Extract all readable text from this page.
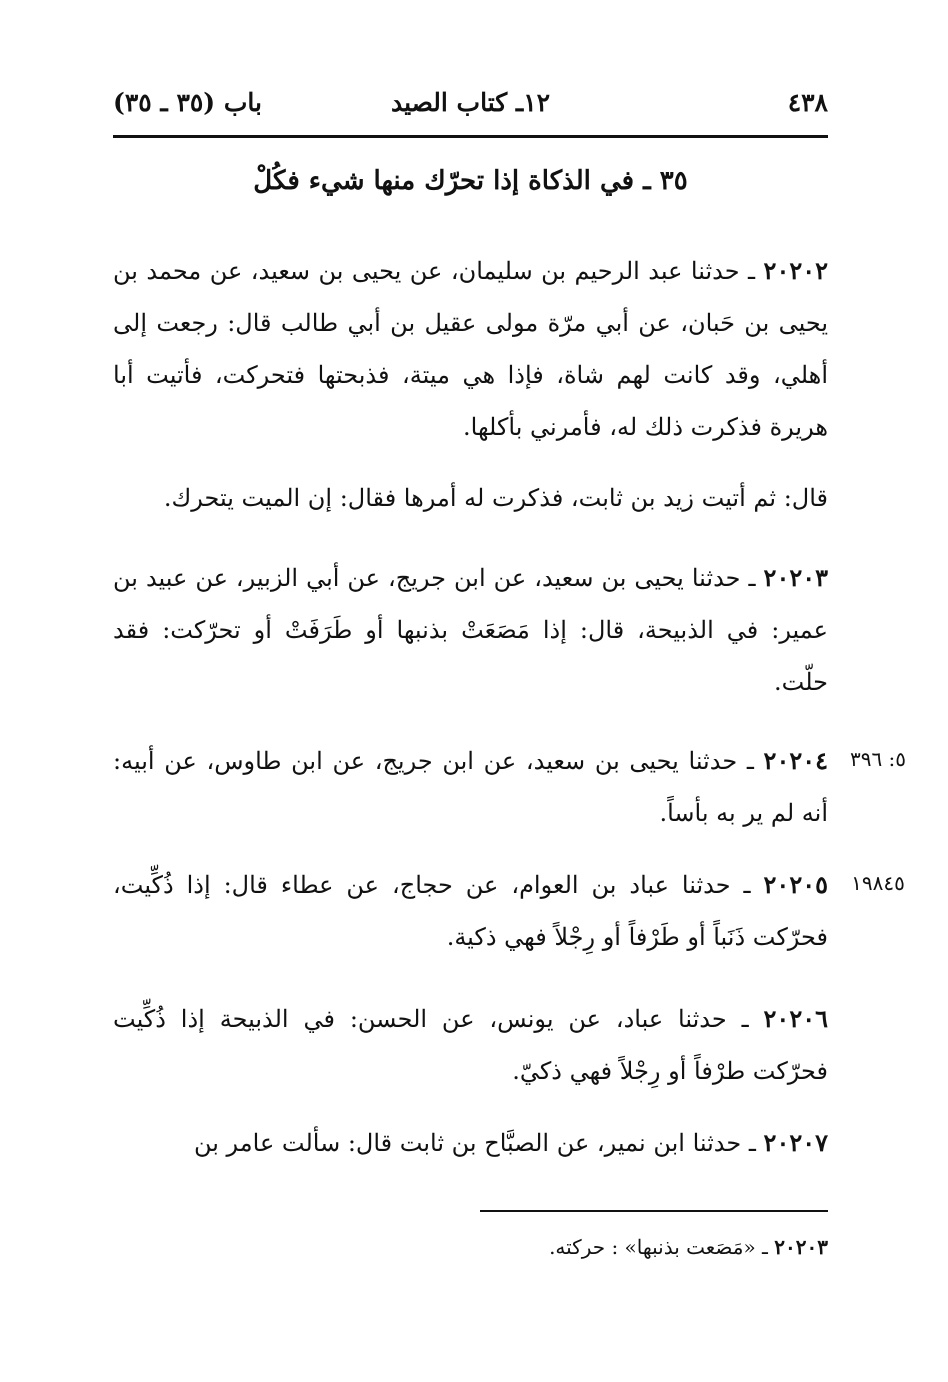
٤٣٨
١٢ـ كتاب الصيد
باب (٣٥ ـ ٣٥)
٣٥ ـ في الذكاة إذا تحرّك منها شيء فكُلْ
٢٠٢٠٢ ـ حدثنا عبد الرحيم بن سليمان، عن يحيى بن سعيد، عن محمد بن يحيى بن حَبان، عن أبي مرّة مولى عقيل بن أبي طالب قال: رجعت إلى أهلي، وقد كانت لهم شاة، فإذا هي ميتة، فذبحتها فتحركت، فأتيت أبا هريرة فذكرت ذلك له، فأمرني بأكلها.
قال: ثم أتيت زيد بن ثابت، فذكرت له أمرها فقال: إن الميت يتحرك.
٢٠٢٠٣ ـ حدثنا يحيى بن سعيد، عن ابن جريج، عن أبي الزبير، عن عبيد بن عمير: في الذبيحة، قال: إذا مَصَعَتْ بذنبها أو طَرَفَتْ أو تحرّكت: فقد حلّت.
٥: ٣٩٦
٢٠٢٠٤ ـ حدثنا يحيى بن سعيد، عن ابن جريج، عن ابن طاوس، عن أبيه: أنه لم ير به بأساً.
١٩٨٤٥
٢٠٢٠٥ ـ حدثنا عباد بن العوام، عن حجاج، عن عطاء قال: إذا ذُكِّيت، فحرّكت ذَنَباً أو طَرْفاً أو رِجْلاً فهي ذكية.
٢٠٢٠٦ ـ حدثنا عباد، عن يونس، عن الحسن: في الذبيحة إذا ذُكِّيت فحرّكت طرْفاً أو رِجْلاً فهي ذكيّ.
٢٠٢٠٧ ـ حدثنا ابن نمير، عن الصبَّاح بن ثابت قال: سألت عامر بن
٢٠٢٠٣ ـ «مَصَعت بذنبها» : حركته.
